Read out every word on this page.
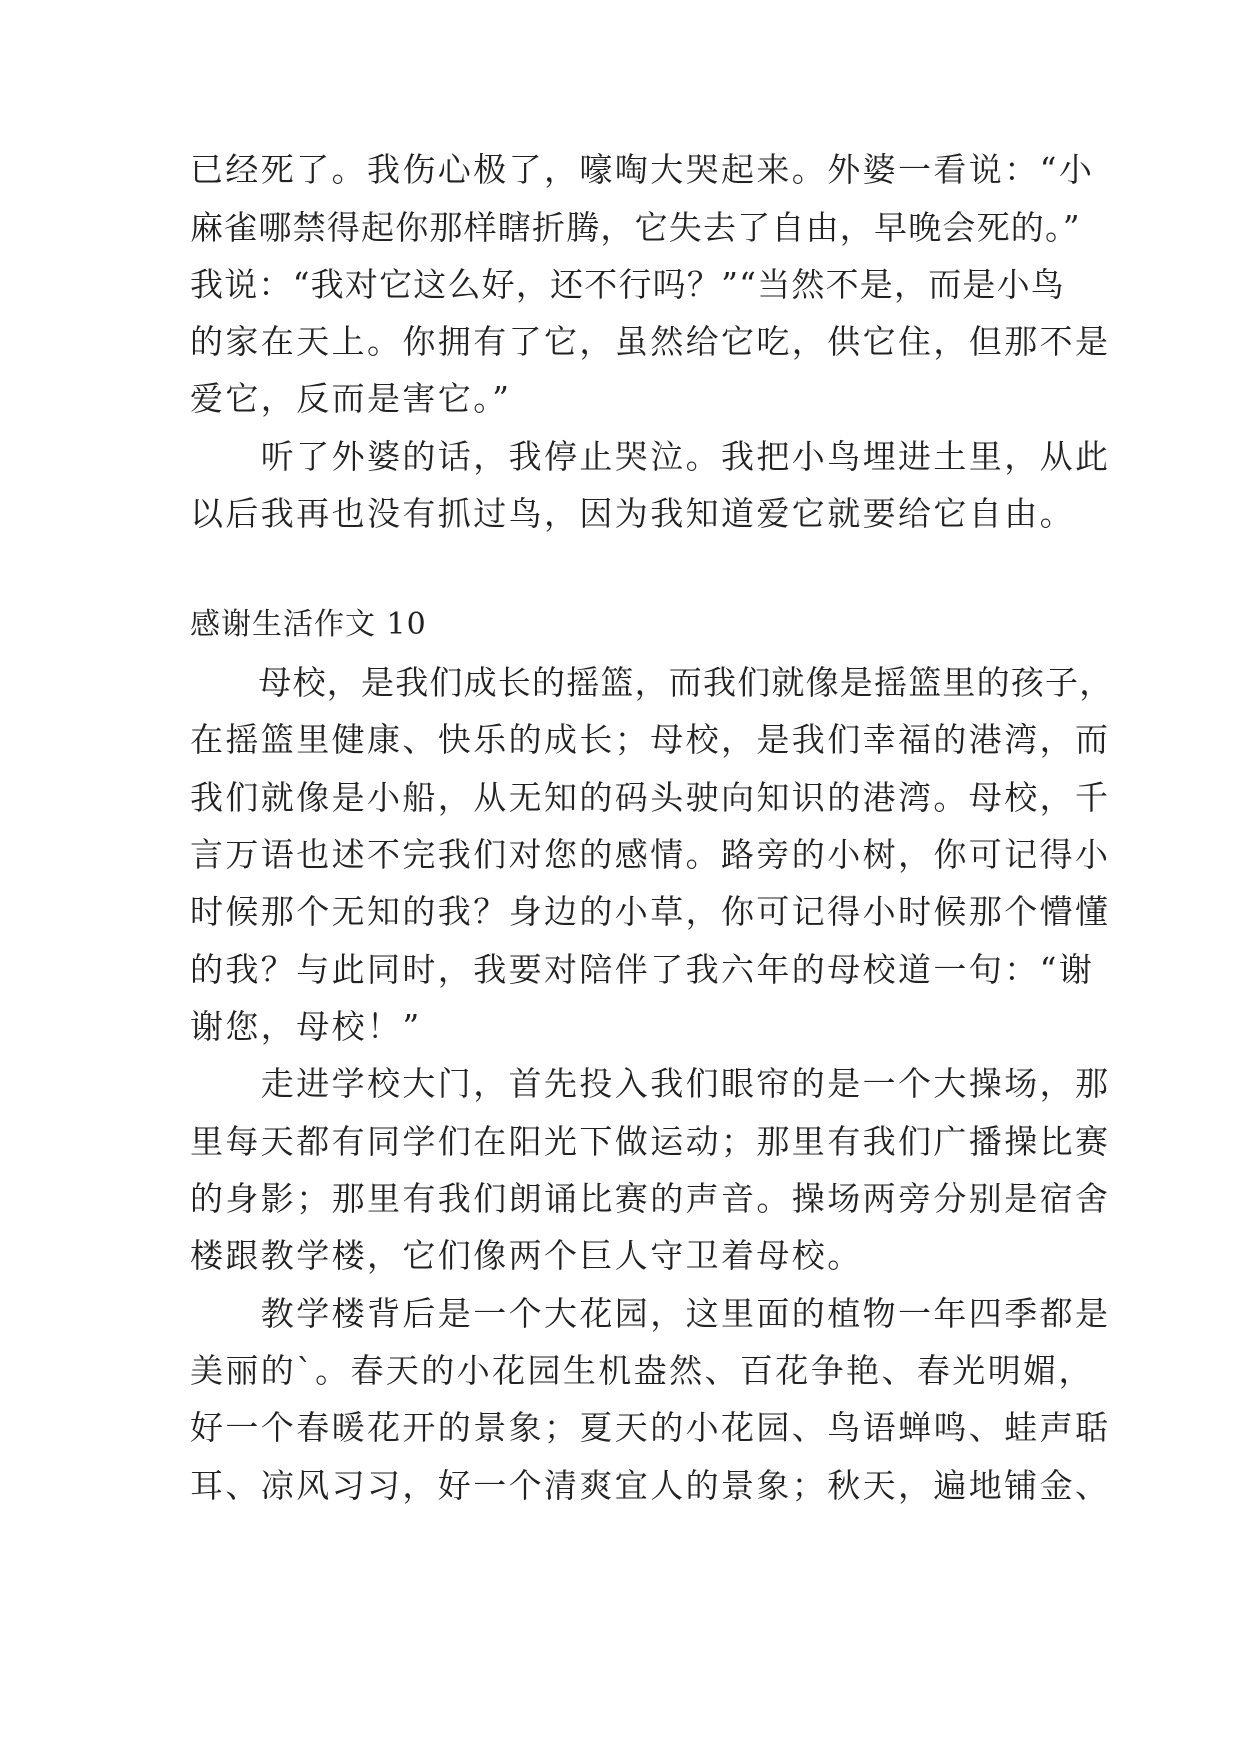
已经死了。我伤心极了，嚎啕大哭起来。外婆一看说：“小
麻雀哪禁得起你那样瞎折腾，它失去了自由，早晚会死的。”
我说：“我对它这么好，还不行吗？”“当然不是，而是小鸟
的家在天上。你拥有了它，虽然给它吃，供它住，但那不是
爱它，反而是害它。”
　　听了外婆的话，我停止哭泣。我把小鸟埋进土里，从此
以后我再也没有抓过鸟，因为我知道爱它就要给它自由。
感谢生活作文 10
　　母校，是我们成长的摇篮，而我们就像是摇篮里的孩子，
在摇篮里健康、快乐的成长；母校，是我们幸福的港湾，而
我们就像是小船，从无知的码头驶向知识的港湾。母校，千
言万语也述不完我们对您的感情。路旁的小树，你可记得小
时候那个无知的我？身边的小草，你可记得小时候那个懵懂
的我？与此同时，我要对陪伴了我六年的母校道一句：“谢
谢您，母校！”
　　走进学校大门，首先投入我们眼帘的是一个大操场，那
里每天都有同学们在阳光下做运动；那里有我们广播操比赛
的身影；那里有我们朗诵比赛的声音。操场两旁分别是宿舍
楼跟教学楼，它们像两个巨人守卫着母校。
　　教学楼背后是一个大花园，这里面的植物一年四季都是
美丽的`。春天的小花园生机盎然、百花争艳、春光明媚，
好一个春暖花开的景象；夏天的小花园、鸟语蝉鸣、蛙声聒
耳、凉风习习，好一个清爽宜人的景象；秋天，遍地铺金、
